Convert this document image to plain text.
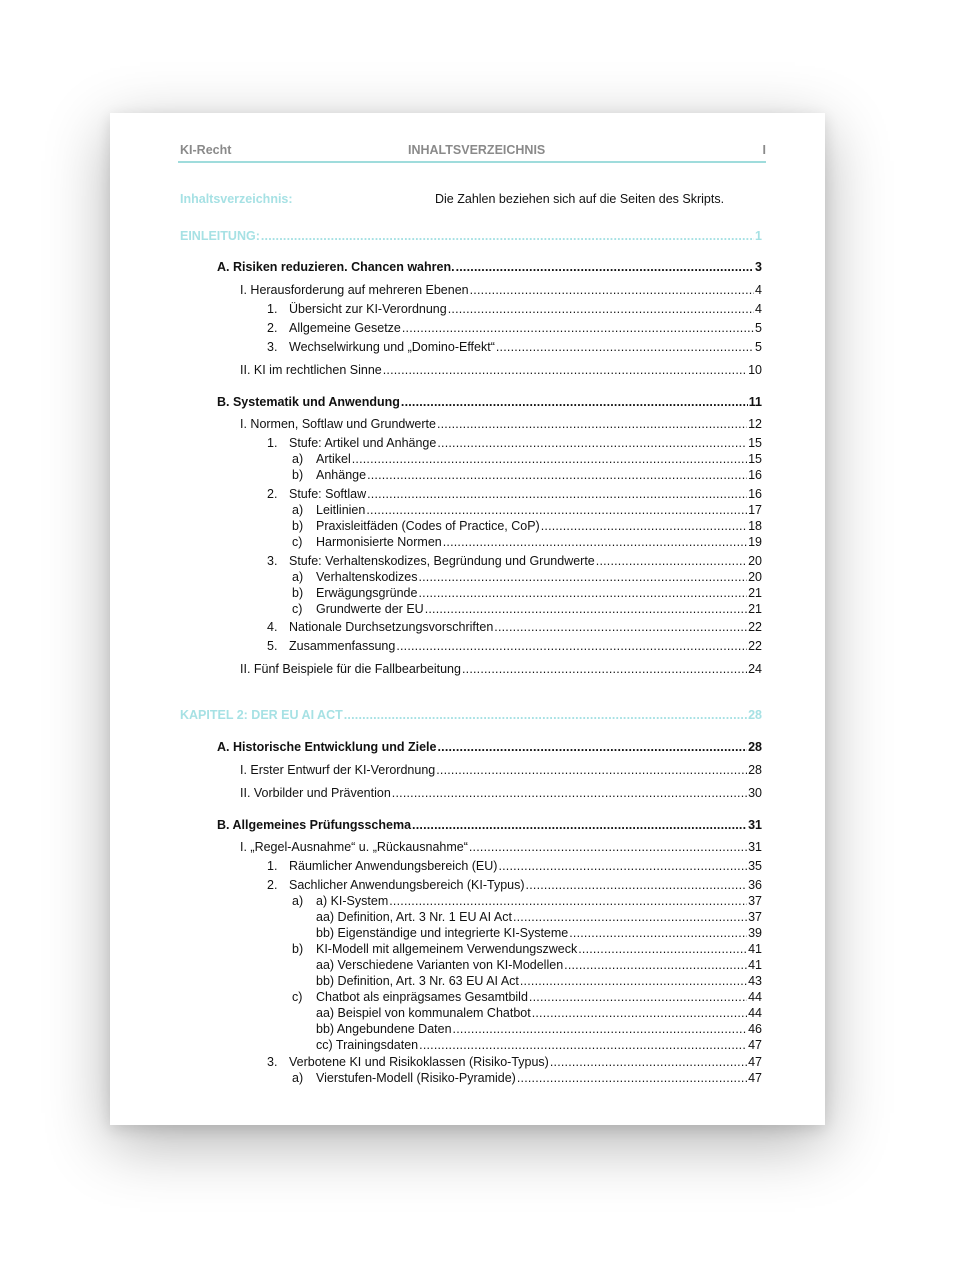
KI-Recht	INHALTSVERZEICHNIS	I
Inhaltsverzeichnis:	Die Zahlen beziehen sich auf die Seiten des Skripts.
EINLEITUNG: .....	1
A. Risiken reduzieren. Chancen wahren. .....	3
I. Herausforderung auf mehreren Ebenen .....	4
1. Übersicht zur KI-Verordnung .....	4
2. Allgemeine Gesetze .....	5
3. Wechselwirkung und „Domino-Effekt“ .....	5
II. KI im rechtlichen Sinne .....	10
B. Systematik und Anwendung .....	11
I. Normen, Softlaw und Grundwerte .....	12
1. Stufe: Artikel und Anhänge .....	15
a)	Artikel .....	15
b)	Anhänge .....	16
2. Stufe: Softlaw .....	16
a)	Leitlinien .....	17
b)	Praxisleitfäden (Codes of Practice, CoP) .....	18
c)	Harmonisierte Normen .....	19
3. Stufe: Verhaltenskodizes, Begründung und Grundwerte .....	20
a)	Verhaltenskodizes .....	20
b)	Erwägungsgründe .....	21
c)	Grundwerte der EU .....	21
4. Nationale Durchsetzungsvorschriften .....	22
5. Zusammenfassung .....	22
II. Fünf Beispiele für die Fallbearbeitung .....	24
KAPITEL 2: DER EU AI ACT .....	28
A. Historische Entwicklung und Ziele .....	28
I. Erster Entwurf der KI-Verordnung .....	28
II. Vorbilder und Prävention .....	30
B. Allgemeines Prüfungsschema .....	31
I. „Regel-Ausnahme“ u. „Rückausnahme“ .....	31
1. Räumlicher Anwendungsbereich (EU) .....	35
2. Sachlicher Anwendungsbereich (KI-Typus) .....	36
a)	a) KI-System .....	37
aa) Definition, Art. 3 Nr. 1 EU AI Act .....	37
bb) Eigenständige und integrierte KI-Systeme .....	39
b)	KI-Modell mit allgemeinem Verwendungszweck .....	41
aa) Verschiedene Varianten von KI-Modellen .....	41
bb) Definition, Art. 3 Nr. 63 EU AI Act .....	43
c)	Chatbot als einprägsames Gesamtbild .....	44
aa) Beispiel von kommunalem Chatbot .....	44
bb) Angebundene Daten .....	46
cc) Trainingsdaten .....	47
3. Verbotene KI und Risikoklassen (Risiko-Typus) .....	47
a)	Vierstufen-Modell (Risiko-Pyramide) .....	47
